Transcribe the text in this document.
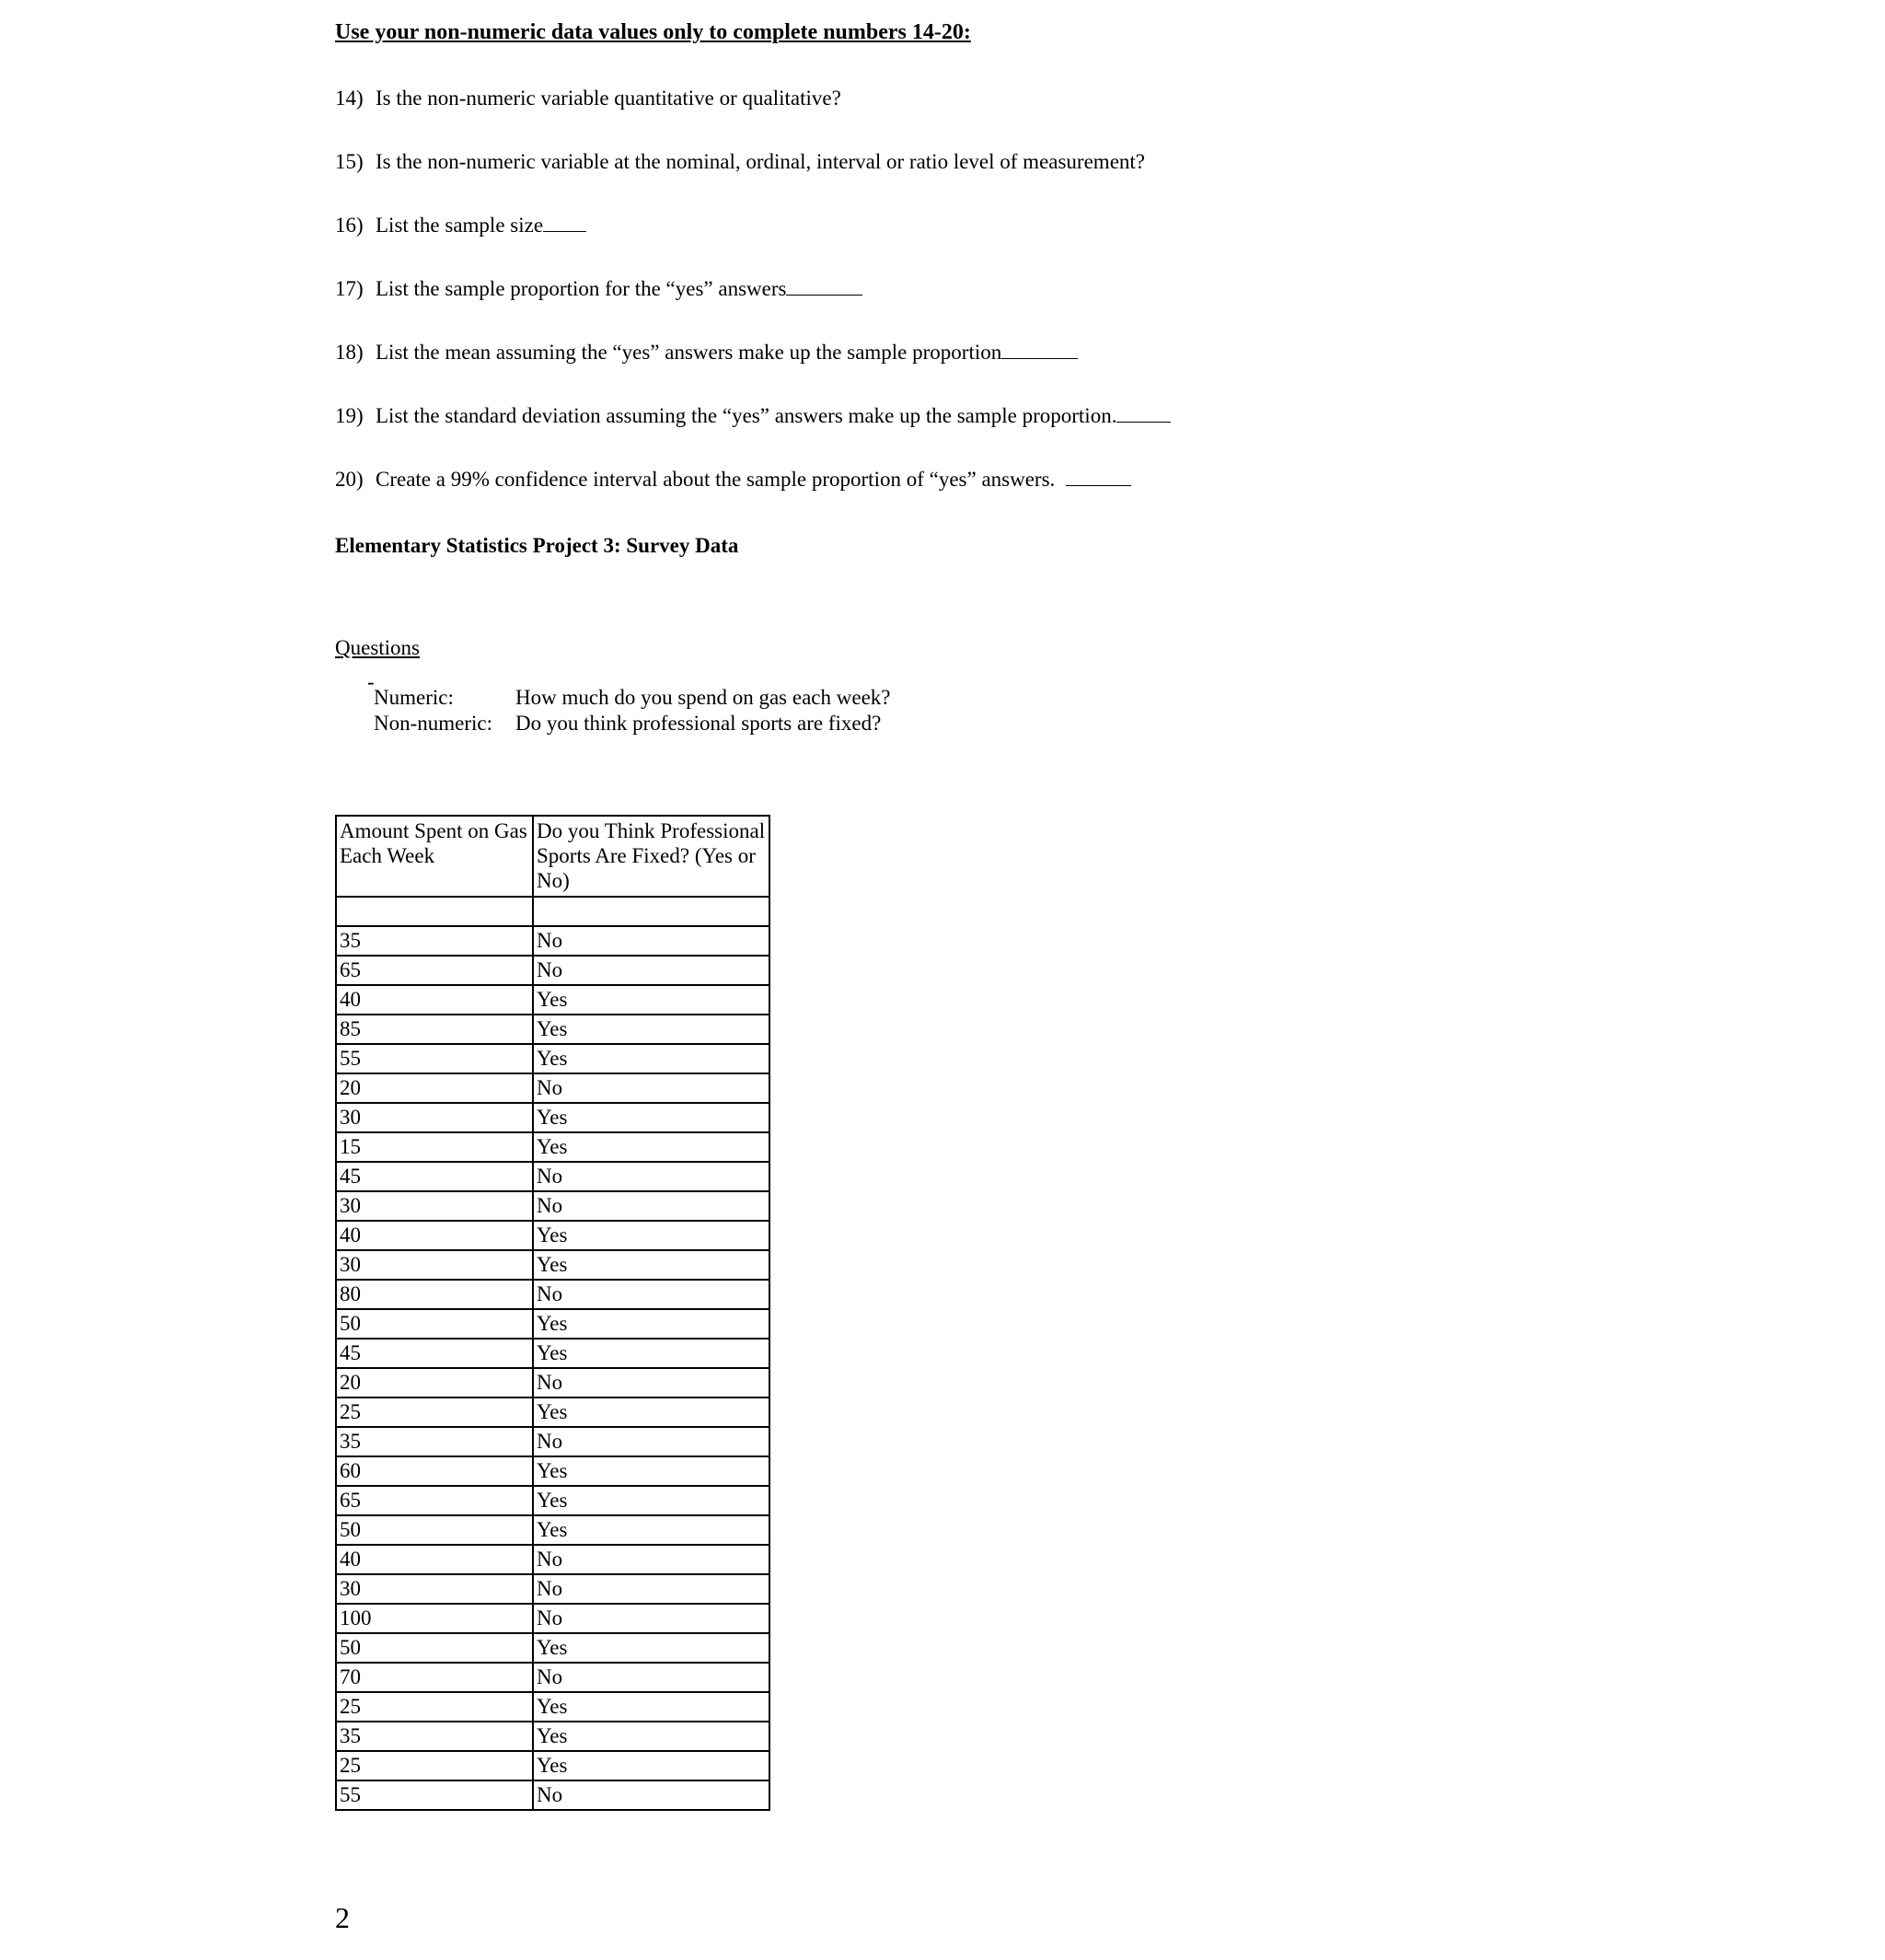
Use your non-numeric data values only to complete numbers 14-20:
14) Is the non-numeric variable quantitative or qualitative?
15) Is the non-numeric variable at the nominal, ordinal, interval or ratio level of measurement?
16) List the sample size
17) List the sample proportion for the “yes” answers
18) List the mean assuming the “yes” answers make up the sample proportion
19) List the standard deviation assuming the “yes” answers make up the sample proportion.
20) Create a 99% confidence interval about the sample proportion of “yes” answers.
Elementary Statistics Project 3: Survey Data
Questions
-
Numeric:	How much do you spend on gas each week?
Non-numeric: Do you think professional sports are fixed?
Amount Spent on Gas Each Week	Do you Think Professional Sports Are Fixed? (Yes or No)

35	No
65	No
40	Yes
85	Yes
55	Yes
20	No
30	Yes
15	Yes
45	No
30	No
40	Yes
30	Yes
80	No
50	Yes
45	Yes
20	No
25	Yes
35	No
60	Yes
65	Yes
50	Yes
40	No
30	No
100	No
50	Yes
70	No
25	Yes
35	Yes
25	Yes
55	No
2
